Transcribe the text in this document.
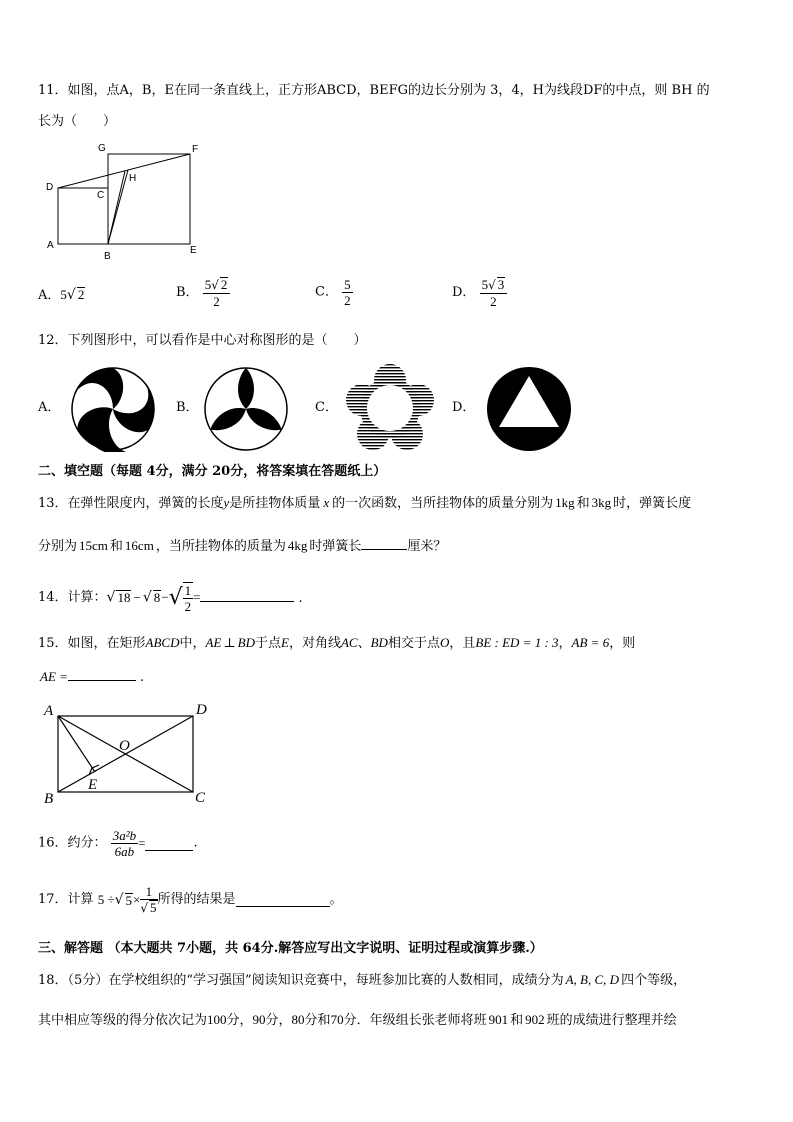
11．如图，点A，B，E在同一条直线上，正方形ABCD，BEFG的边长分别为 3，4，H为线段DF的中点，则 BH 的
长为（　　）
G	F
D
C
H
A
B
E
A．5√ 2	B． $\frac{5√ 2}{2}$	C． $\frac{5}{2}$	D． $\frac{5√ 3}{2}$
12．下列图形中，可以看作是中心对称图形的是（　　）
A．	B．	C．	D．
二、填空题（每题 4分，满分 20分，将答案填在答题纸上）
13．在弹性限度内，弹簧的长度y是所挂物体质量 x 的一次函数，当所挂物体的质量分别为 1kg 和 3kg 时，弹簧长度
分别为 15cm 和 16cm ，当所挂物体的质量为 4kg 时弹簧长	厘米？
14．计算：√ 18 − √ $8-√ \frac{1}{2}$ =	.
15．如图，在矩形ABCD中，AE ⊥ BD于点E，对角线AC、BD相交于点O，且BE : ED = 1 : 3，AB = 6，则
AE =	.
A	D
O
E
B	C
16．约分： $\frac{\text{3a²b}}{6ab}$ =	.
17．计算 5 ÷√ $5\times \frac{1}{√ 5}$ 所得的结果是	。
三、解答题 （本大题共 7小题，共 64分.解答应写出文字说明、证明过程或演算步骤.）
18．（5分）在学校组织的“学习强国”阅读知识竞赛中，每班参加比赛的人数相同，成绩分为 A, B, C, D 四个等级，
其中相应等级的得分依次记为100分，90分，80分和70分．年级组长张老师将班 901 和 902 班的成绩进行整理并绘
